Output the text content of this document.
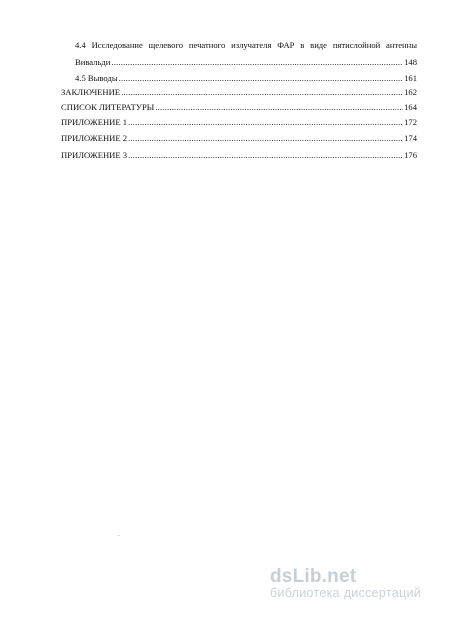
4.4 Исследование щелевого печатного излучателя ФАР в виде пятислойной антенны
Вивальди .....	148
4.5 Выводы .....	161
ЗАКЛЮЧЕНИЕ .....	162
СПИСОК ЛИТЕРАТУРЫ .....	164
ПРИЛОЖЕНИЕ 1 .....	172
ПРИЛОЖЕНИЕ 2 .....	174
ПРИЛОЖЕНИЕ 3 .....	176
.
dsLib.net
библиотека диссертаций
